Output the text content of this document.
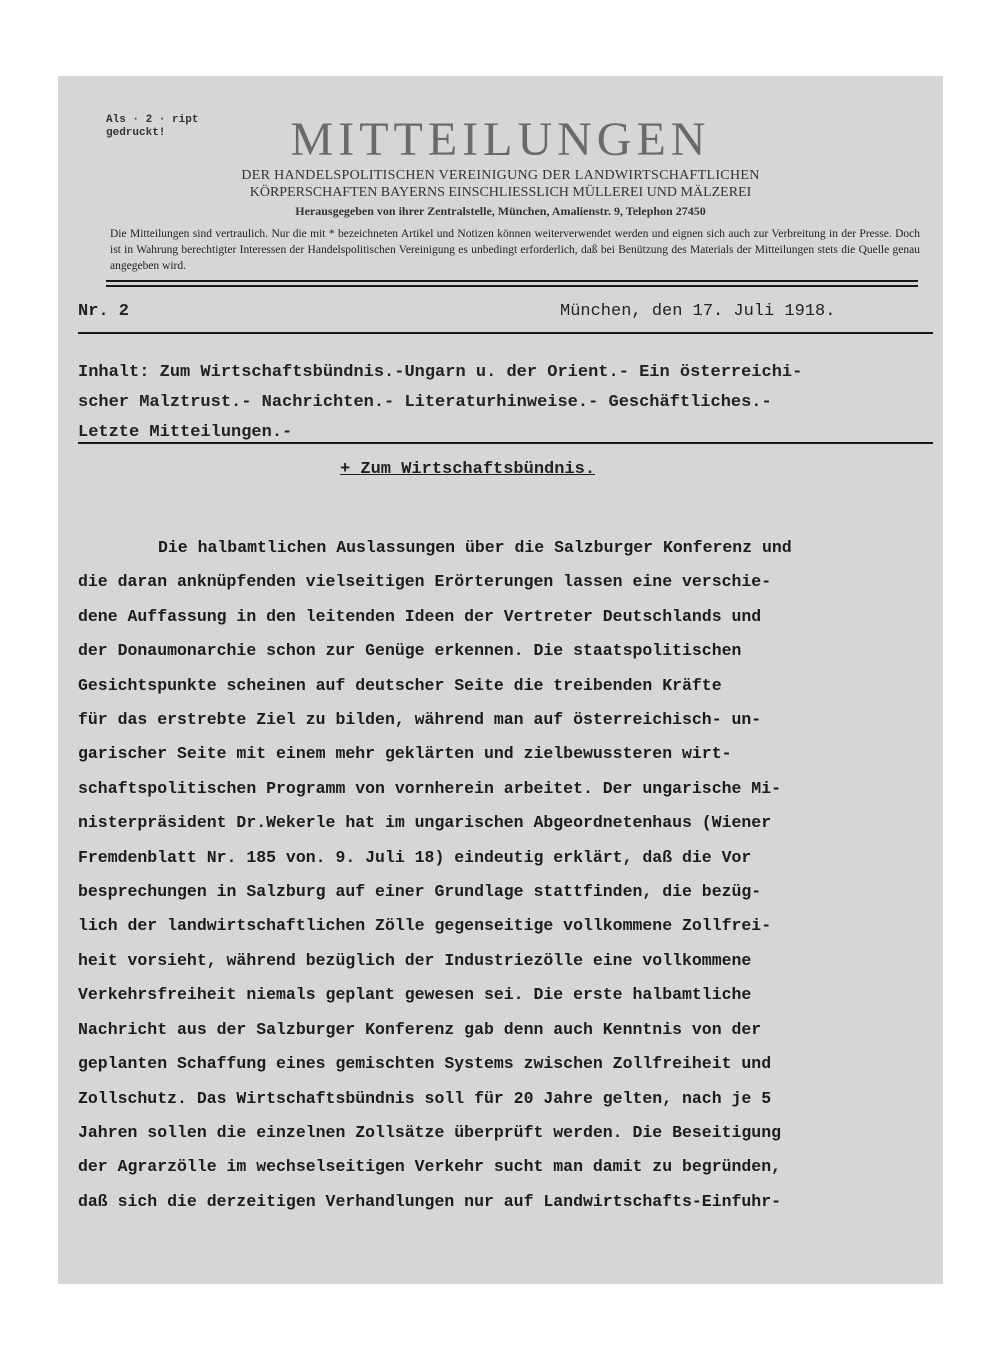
Als · 2 · ript
gedruckt!	MITTEILUNGEN
DER HANDELSPOLITISCHEN VEREINIGUNG DER LANDWIRTSCHAFTLICHEN
KÖRPERSCHAFTEN BAYERNS EINSCHLIESSLICH MÜLLEREI UND MÄLZEREI
Herausgegeben von ihrer Zentralstelle, München, Amalienstr. 9, Telephon 27450
Die Mitteilungen sind vertraulich. Nur die mit * bezeichneten Artikel und Notizen können weiterverwendet werden und eignen sich auch zur Verbreitung in der Presse. Doch ist in Wahrung berechtigter Interessen der Handelspolitischen Vereinigung es unbedingt erforderlich, daß bei Benützung des Materials der Mitteilungen stets die Quelle genau angegeben wird.
Nr. 2	München, den 17. Juli 1918.
Inhalt: Zum Wirtschaftsbündnis.-Ungarn u. der Orient.- Ein österreichi-
scher Malztrust.- Nachrichten.- Literaturhinweise.- Geschäftliches.-
Letzte Mitteilungen.-
+ Zum Wirtschaftsbündnis.
Die halbamtlichen Auslassungen über die Salzburger Konferenz und
die daran anknüpfenden vielseitigen Erörterungen lassen eine verschie-
dene Auffassung in den leitenden Ideen der Vertreter Deutschlands und
der Donaumonarchie schon zur Genüge erkennen. Die staatspolitischen
Gesichtspunkte scheinen auf deutscher Seite die treibenden Kräfte
für das erstrebte Ziel zu bilden, während man auf österreichisch- un-
garischer Seite mit einem mehr geklärten und zielbewussteren wirt-
schaftspolitischen Programm von vornherein arbeitet. Der ungarische Mi-
nisterpräsident Dr.Wekerle hat im ungarischen Abgeordnetenhaus (Wiener
Fremdenblatt Nr. 185 von. 9. Juli 18) eindeutig erklärt, daß die Vor
besprechungen in Salzburg auf einer Grundlage stattfinden, die bezüg-
lich der landwirtschaftlichen Zölle gegenseitige vollkommene Zollfrei-
heit vorsieht, während bezüglich der Industriezölle eine vollkommene
Verkehrsfreiheit niemals geplant gewesen sei. Die erste halbamtliche
Nachricht aus der Salzburger Konferenz gab denn auch Kenntnis von der
geplanten Schaffung eines gemischten Systems zwischen Zollfreiheit und
Zollschutz. Das Wirtschaftsbündnis soll für 20 Jahre gelten, nach je 5
Jahren sollen die einzelnen Zollsätze überprüft werden. Die Beseitigung
der Agrarzölle im wechselseitigen Verkehr sucht man damit zu begründen,
daß sich die derzeitigen Verhandlungen nur auf Landwirtschafts-Einfuhr-
